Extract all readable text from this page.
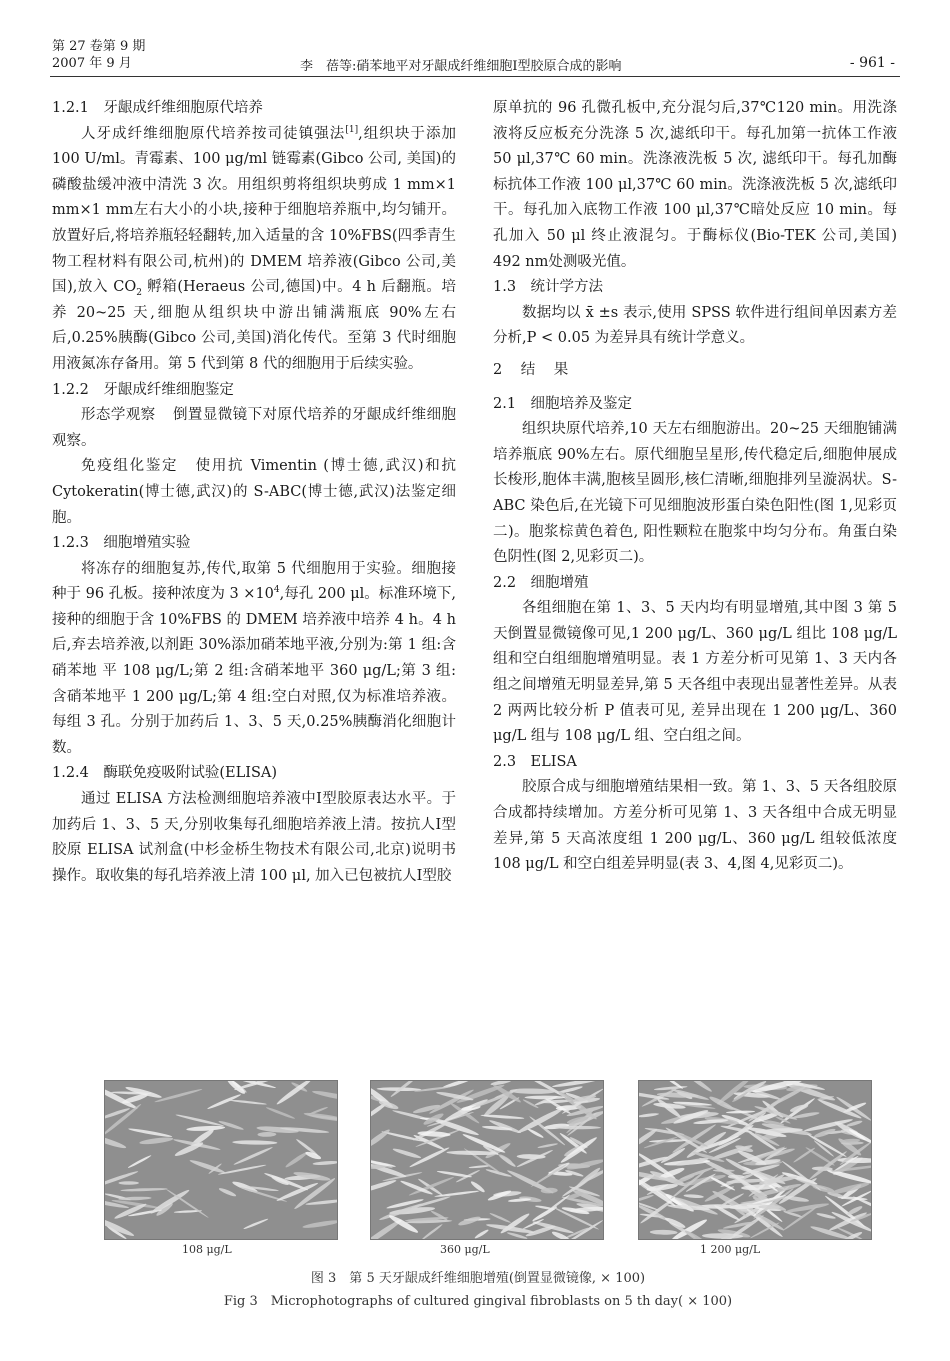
第 27 卷第 9 期
2007 年 9 月	李　蓓等:硝苯地平对牙龈成纤维细胞Ⅰ型胶原合成的影响	- 961 -

1.2.1　牙龈成纤维细胞原代培养

人牙成纤维细胞原代培养按司徒镇强法[1],组织块于添加 100 U/ml。青霉素、100 μg/ml 链霉素(Gibco 公司, 美国)的磷酸盐缓冲液中清洗 3 次。用组织剪将组织块剪成 1 mm×1 mm×1 mm左右大小的小块,接种于细胞培养瓶中,均匀铺开。放置好后,将培养瓶轻轻翻转,加入适量的含 10%FBS(四季青生物工程材料有限公司,杭州)的 DMEM 培养液(Gibco 公司,美国),放入 $CO_2$ 孵箱(Heraeus 公司,德国)中。4 h 后翻瓶。培养 20~25 天,细胞从组织块中游出铺满瓶底 90%左右后,0.25%胰酶(Gibco 公司,美国)消化传代。至第 3 代时细胞用液氮冻存备用。第 5 代到第 8 代的细胞用于后续实验。

1.2.2　牙龈成纤维细胞鉴定

形态学观察 倒置显微镜下对原代培养的牙龈成纤维细胞观察。

免疫组化鉴定 使用抗 Vimentin (博士德,武汉)和抗 Cytokeratin(博士德,武汉)的 S-ABC(博士德,武汉)法鉴定细胞。

1.2.3　细胞增殖实验

将冻存的细胞复苏,传代,取第 5 代细胞用于实验。细胞接种于 96 孔板。接种浓度为 $3 \times 10^4$,每孔 200 μl。标准环境下, 接种的细胞于含 10%FBS 的 DMEM 培养液中培养 4 h。4 h 后,弃去培养液,以剂距 30%添加硝苯地平液,分别为:第 1 组:含硝苯地 平 108 μg/L;第 2 组:含硝苯地平 360 μg/L;第 3 组:含硝苯地平 1 200 μg/L;第 4 组:空白对照,仅为标准培养液。每组 3 孔。分别于加药后 1、3、5 天,0.25%胰酶消化细胞计数。

1.2.4　酶联免疫吸附试验(ELISA)

通过 ELISA 方法检测细胞培养液中Ⅰ型胶原表达水平。于加药后 1、3、5 天,分别收集每孔细胞培养液上清。按抗人Ⅰ型胶原 ELISA 试剂盒(中杉金桥生物技术有限公司,北京)说明书操作。取收集的每孔培养液上清 100 μl, 加入已包被抗人Ⅰ型胶

原单抗的 96 孔微孔板中,充分混匀后,37℃120 min。用洗涤液将反应板充分洗涤 5 次,滤纸印干。每孔加第一抗体工作液 50 μl,37℃ 60 min。洗涤液洗板 5 次, 滤纸印干。每孔加酶标抗体工作液 100 μl,37℃ 60 min。洗涤液洗板 5 次,滤纸印干。每孔加入底物工作液 100 μl,37℃暗处反应 10 min。每孔加入 50 μl 终止液混匀。于酶标仪(Bio-TEK 公司,美国) 492 nm处测吸光值。

1.3　统计学方法

数据均以 x̄ ±s 表示,使用 SPSS 软件进行组间单因素方差分析,P < 0.05 为差异具有统计学意义。

2　结　果

2.1　细胞培养及鉴定

组织块原代培养,10 天左右细胞游出。20~25 天细胞铺满培养瓶底 90%左右。原代细胞呈星形,传代稳定后,细胞伸展成长梭形,胞体丰满,胞核呈圆形,核仁清晰,细胞排列呈漩涡状。S-ABC 染色后,在光镜下可见细胞波形蛋白染色阳性(图 1,见彩页二)。胞浆棕黄色着色, 阳性颗粒在胞浆中均匀分布。角蛋白染色阴性(图 2,见彩页二)。

2.2　细胞增殖

各组细胞在第 1、3、5 天内均有明显增殖,其中图 3 第 5 天倒置显微镜像可见,1 200 μg/L、360 μg/L 组比 108 μg/L 组和空白组细胞增殖明显。表 1 方差分析可见第 1、3 天内各组之间增殖无明显差异,第 5 天各组中表现出显著性差异。从表 2 两两比较分析 P 值表可见, 差异出现在 1 200 μg/L、360 μg/L 组与 108 μg/L 组、空白组之间。

2.3　ELISA

胶原合成与细胞增殖结果相一致。第 1、3、5 天各组胶原合成都持续增加。方差分析可见第 1、3 天各组中合成无明显差异,第 5 天高浓度组 1 200 μg/L、360 μg/L 组较低浓度 108 μg/L 和空白组差异明显(表 3、4,图 4,见彩页二)。

108 μg/L	360 μg/L	1 200 μg/L
图 3　第 5 天牙龈成纤维细胞增殖(倒置显微镜像, × 100)
Fig 3　Microphotographs of cultured gingival fibroblasts on 5 th day( × 100)
